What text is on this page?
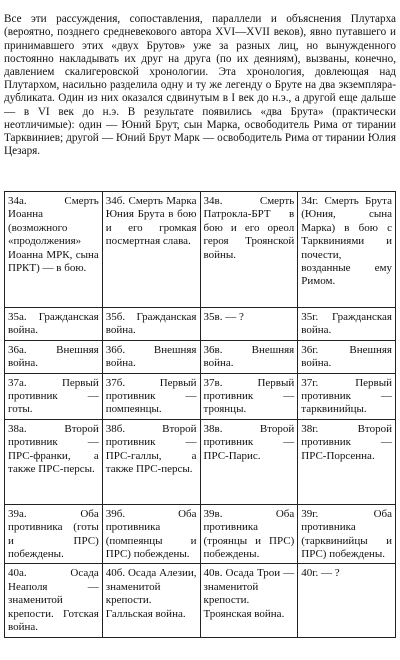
Все эти рассуждения, сопоставления, параллели и объяснения Плутарха (вероятно, позднего средневекового автора XVI—XVII веков), явно путавшего и принимавшего этих «двух Брутов» уже за разных лиц, но вынужденного постоянно накладывать их друг на друга (по их деяниям), вызваны, конечно, давлением скалигеровской хронологии. Эта хронология, довлеющая над Плутархом, насильно разделила одну и ту же легенду о Бруте на два экземпляра-дубликата. Один из них оказался сдвинутым в I век до н.э., а другой еще дальше — в VI век до н.э. В результате появились «два Брута» (практически неотличимые): один — Юний Брут, сын Марка, освободитель Рима от тирании Тарквиниев; другой — Юний Брут Марк — освободитель Рима от тирании Юлия Цезаря.

34а. Смерть Иоанна (возможного «продолжения» Иоанна МРК, сына ПРКТ) — в бою.	34б. Смерть Марка Юния Брута в бою и его громкая посмертная слава.	34в. Смерть Патрокла-БРТ в бою и его ореол героя Троянской войны.	34г. Смерть Брута (Юния, сына Марка) в бою с Тарквиниями и почести, возданные ему Римом.
35а. Гражданская война.	35б. Гражданская война.	35в. — ?	35г. Гражданская война.
36а. Внешняя война.	36б. Внешняя война.	36в. Внешняя война.	36г. Внешняя война.
37а. Первый противник — готы.	37б. Первый противник — помпеянцы.	37в. Первый противник — троянцы.	37г. Первый противник — тарквинийцы.
38а. Второй противник — ПРС-франки, а также ПРС-персы.	38б. Второй противник — ПРС-галлы, а также ПРС-персы.	38в. Второй противник — ПРС-Парис.	38г. Второй противник — ПРС-Порсенна.
39а. Оба противника (готы и ПРС) побеждены.	39б. Оба противника (помпеянцы и ПРС) побеждены.	39в. Оба противника (троянцы и ПРС) побеждены.	39г. Оба противника (тарквинийцы и ПРС) побеждены.
40а. Осада Неаполя — знаменитой крепости. Готская война.	40б. Осада Алезии, знаменитой крепости. Галльская война.	40в. Осада Трои — знаменитой крепости. Троянская война.	40г. — ?
